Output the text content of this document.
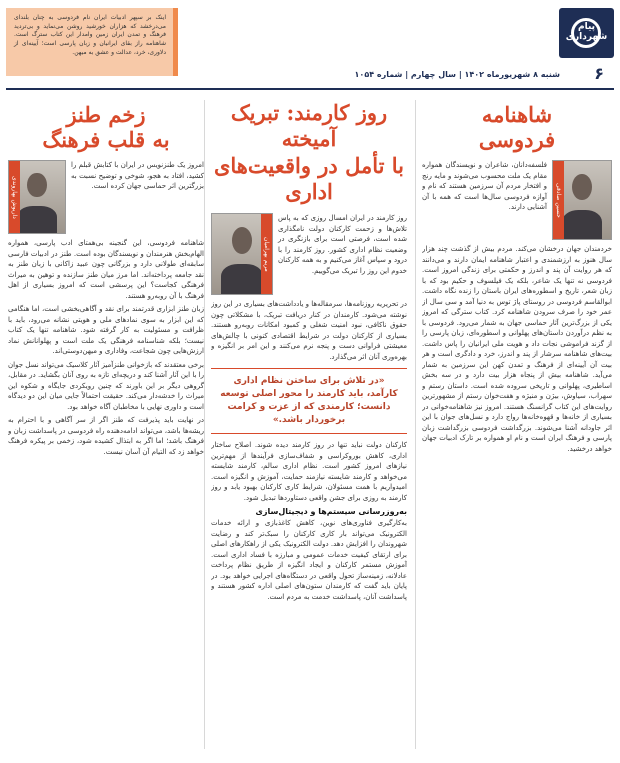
پیام شهرداری
۶
شنبه ۸ شهریورماه ۱۴۰۲ | سال چهارم | شماره ۱۰۵۴
اینک بر سپهر ادبیات ایران نام فردوسی به چنان بلندای می‌درخشد که هزاران خورشید روشن می‌نماید و بی‌تردید فرهنگ و تمدن ایران زمین وامدار این کتاب سترگ است. شاهنامه راز بقای ایرانیان و زبان پارسی است؛ آیینه‌ای از دلاوری، خرد، عدالت و عشق به میهن.
شاهنامه
فردوسی
حسین صادقی
فلسفه‌دانان، شاعران و نویسندگان همواره مقام یک ملت محسوب می‌شوند و مایه رنج و افتخار مردم آن سرزمین هستند که نام و آوازه فردوسی سال‌ها است که همه با آن آشنایی دارند.
خردمندان جهان درخشان می‌کند. مردم بیش از گذشت چند هزار سال هنوز به ارزشمندی و اعتبار شاهنامه ایمان دارند و می‌دانند که هر روایت آن پند و اندرز و حکمتی برای زندگی امروز است. فردوسی نه تنها یک شاعر، بلکه یک فیلسوف و حکیم بود که با زبان شعر، تاریخ و اسطوره‌های ایران باستان را زنده نگاه داشت. ابوالقاسم فردوسی در روستای پاژ توس به دنیا آمد و سی سال از عمر خود را صرف سرودن شاهنامه کرد. کتاب سترگی که امروز یکی از بزرگ‌ترین آثار حماسی جهان به شمار می‌رود. فردوسی با به نظم درآوردن داستان‌های پهلوانی و اسطوره‌ای، زبان پارسی را از گزند فراموشی نجات داد و هویت ملی ایرانیان را پاس داشت. بیت‌های شاهنامه سرشار از پند و اندرز، خرد و دادگری است و هر بیت آن آیینه‌ای از فرهنگ و تمدن کهن این سرزمین به شمار می‌آید. شاهنامه بیش از پنجاه هزار بیت دارد و در سه بخش اساطیری، پهلوانی و تاریخی سروده شده است. داستان رستم و سهراب، سیاوش، بیژن و منیژه و هفت‌خوان رستم از مشهورترین روایت‌های این کتاب گرانسنگ هستند. امروز نیز شاهنامه‌خوانی در بسیاری از خانه‌ها و قهوه‌خانه‌ها رواج دارد و نسل‌های جوان با این اثر جاودانه آشنا می‌شوند. بزرگداشت فردوسی بزرگداشت زبان پارسی و فرهنگ ایران است و نام او همواره بر تارک ادبیات جهان خواهد درخشید.
روز کارمند: تبریک آمیخته
با تأمل در واقعیت‌های اداری
روز کارمند در ایران امسال روزی که به پاس تلاش‌ها و زحمت کارکنان دولت نامگذاری شده است، فرصتی است برای بازنگری در وضعیت نظام اداری کشور. روز کارمند را با درود و سپاس آغاز می‌کنیم و به همه کارکنان خدوم این روز را تبریک می‌گوییم.
مریم بهرامیان
در تحریریه روزنامه‌ها، سرمقاله‌ها و یادداشت‌های بسیاری در این روز نوشته می‌شود. کارمندان در کنار دریافت تبریک، با مشکلاتی چون حقوق ناکافی، نبود امنیت شغلی و کمبود امکانات روبه‌رو هستند. بسیاری از کارکنان دولت در شرایط اقتصادی کنونی با چالش‌های معیشتی فراوانی دست و پنجه نرم می‌کنند و این امر بر انگیزه و بهره‌وری آنان اثر می‌گذارد.
«در تلاش برای ساختن نظام اداری کارآمد، باید کارمند را محور اصلی توسعه دانست؛ کارمندی که از عزت و کرامت برخوردار باشد.»
کارکنان دولت نباید تنها در روز کارمند دیده شوند. اصلاح ساختار اداری، کاهش بوروکراسی و شفاف‌سازی فرآیندها از مهم‌ترین نیازهای امروز کشور است. نظام اداری سالم، کارمند شایسته می‌خواهد و کارمند شایسته نیازمند حمایت، آموزش و انگیزه است. امیدواریم با همت مسئولان، شرایط کاری کارکنان بهبود یابد و روز کارمند به روزی برای جشن واقعی دستاوردها تبدیل شود.
به‌روزرسانی سیستم‌ها و دیجیتال‌سازی
به‌کارگیری فناوری‌های نوین، کاهش کاغذبازی و ارائه خدمات الکترونیک می‌تواند بار کاری کارکنان را سبک‌تر کند و رضایت شهروندان را افزایش دهد. دولت الکترونیک یکی از راهکارهای اصلی برای ارتقای کیفیت خدمات عمومی و مبارزه با فساد اداری است. آموزش مستمر کارکنان و ایجاد انگیزه از طریق نظام پرداخت عادلانه، زمینه‌ساز تحول واقعی در دستگاه‌های اجرایی خواهد بود. در پایان باید گفت که کارمندان ستون‌های اصلی اداره کشور هستند و پاسداشت آنان، پاسداشت خدمت به مردم است.
زخم طنز
به قلب فرهنگ
امروز یک طنزنویس در ایران با کتابش قبلم را کشید، افتاد به هجو، شوخی و توضیح نسبت به بزرگترین اثر حماسی جهان کرده است.
داریوش بهاروندی
شاهنامه فردوسی، این گنجینه بی‌همتای ادب پارسی، همواره الهام‌بخش هنرمندان و نویسندگان بوده است. طنز در ادبیات فارسی سابقه‌ای طولانی دارد و بزرگانی چون عبید زاکانی با زبان طنز به نقد جامعه پرداخته‌اند. اما مرز میان طنز سازنده و توهین به میراث فرهنگی کجاست؟ این پرسشی است که امروز بسیاری از اهل فرهنگ با آن روبه‌رو هستند.
زبان طنز ابزاری قدرتمند برای نقد و آگاهی‌بخشی است، اما هنگامی که این ابزار به سوی نمادهای ملی و هویتی نشانه می‌رود، باید با ظرافت و مسئولیت به کار گرفته شود. شاهنامه تنها یک کتاب نیست؛ بلکه شناسنامه فرهنگی یک ملت است و پهلوانانش نماد ارزش‌هایی چون شجاعت، وفاداری و میهن‌دوستی‌اند.
برخی معتقدند که بازخوانی طنزآمیز آثار کلاسیک می‌تواند نسل جوان را با این آثار آشنا کند و دریچه‌ای تازه به روی آنان بگشاید. در مقابل، گروهی دیگر بر این باورند که چنین رویکردی جایگاه و شکوه این میراث را خدشه‌دار می‌کند. حقیقت احتمالاً جایی میان این دو دیدگاه است و داوری نهایی با مخاطبان آگاه خواهد بود.
در نهایت باید پذیرفت که طنز اگر از سر آگاهی و با احترام به ریشه‌ها باشد، می‌تواند ادامه‌دهنده راه فردوسی در پاسداشت زبان و فرهنگ باشد؛ اما اگر به ابتذال کشیده شود، زخمی بر پیکره فرهنگ خواهد زد که التیام آن آسان نیست.
